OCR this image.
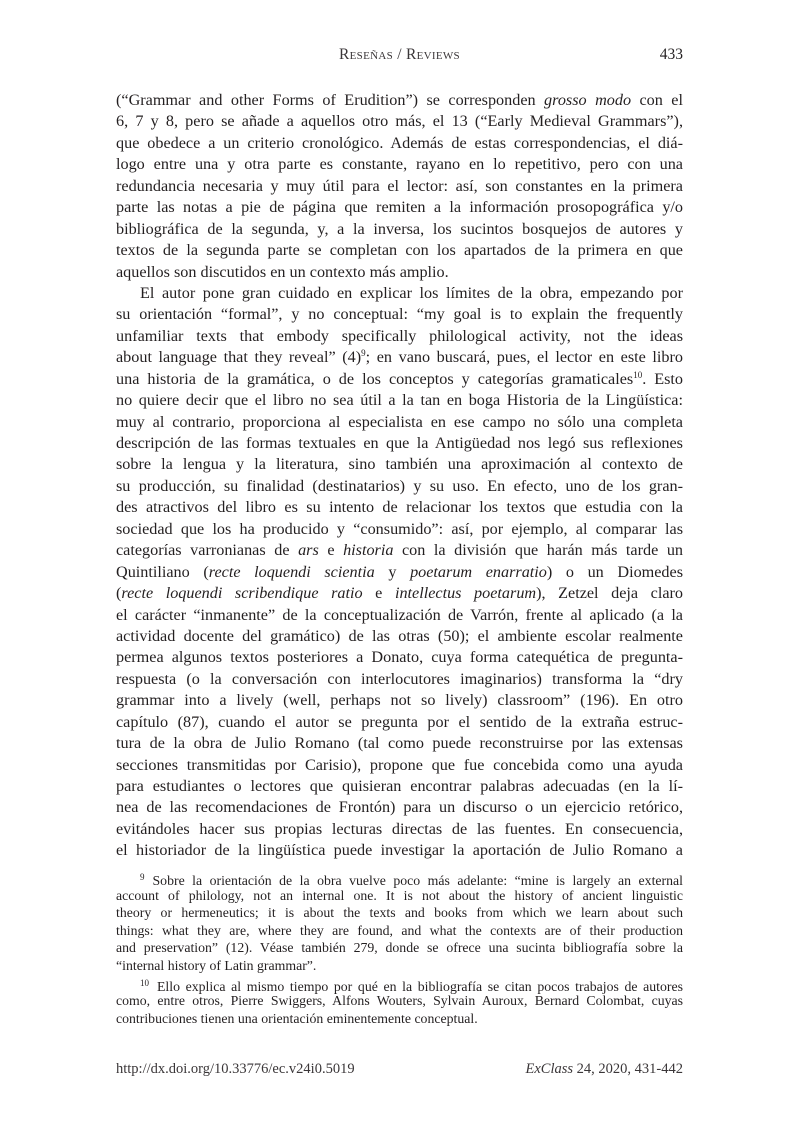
Reseñas / Reviews	433
(“Grammar and other Forms of Erudition”) se corresponden grosso modo con el
6, 7 y 8, pero se añade a aquellos otro más, el 13 (“Early Medieval Grammars”),
que obedece a un criterio cronológico. Además de estas correspondencias, el diá-
logo entre una y otra parte es constante, rayano en lo repetitivo, pero con una
redundancia necesaria y muy útil para el lector: así, son constantes en la primera
parte las notas a pie de página que remiten a la información prosopográfica y/o
bibliográfica de la segunda, y, a la inversa, los sucintos bosquejos de autores y
textos de la segunda parte se completan con los apartados de la primera en que
aquellos son discutidos en un contexto más amplio.
El autor pone gran cuidado en explicar los límites de la obra, empezando por
su orientación “formal”, y no conceptual: “my goal is to explain the frequently
unfamiliar texts that embody specifically philological activity, not the ideas
about language that they reveal” $(4)^9$; en vano buscará, pues, el lector en este libro
una historia de la gramática, o de los conceptos y categorías gramaticales$^{10}$. Esto
no quiere decir que el libro no sea útil a la tan en boga Historia de la Lingüística:
muy al contrario, proporciona al especialista en ese campo no sólo una completa
descripción de las formas textuales en que la Antigüedad nos legó sus reflexiones
sobre la lengua y la literatura, sino también una aproximación al contexto de
su producción, su finalidad (destinatarios) y su uso. En efecto, uno de los gran-
des atractivos del libro es su intento de relacionar los textos que estudia con la
sociedad que los ha producido y “consumido”: así, por ejemplo, al comparar las
categorías varronianas de ars e historia con la división que harán más tarde un
Quintiliano (recte loquendi scientia y poetarum enarratio) o un Diomedes
(recte loquendi scribendique ratio e intellectus poetarum), Zetzel deja claro
el carácter “inmanente” de la conceptualización de Varrón, frente al aplicado (a la
actividad docente del gramático) de las otras (50); el ambiente escolar realmente
permea algunos textos posteriores a Donato, cuya forma catequética de pregunta-
respuesta (o la conversación con interlocutores imaginarios) transforma la “dry
grammar into a lively (well, perhaps not so lively) classroom” (196). En otro
capítulo (87), cuando el autor se pregunta por el sentido de la extraña estruc-
tura de la obra de Julio Romano (tal como puede reconstruirse por las extensas
secciones transmitidas por Carisio), propone que fue concebida como una ayuda
para estudiantes o lectores que quisieran encontrar palabras adecuadas (en la lí-
nea de las recomendaciones de Frontón) para un discurso o un ejercicio retórico,
evitándoles hacer sus propias lecturas directas de las fuentes. En consecuencia,
el historiador de la lingüística puede investigar la aportación de Julio Romano a
$^9$ Sobre la orientación de la obra vuelve poco más adelante: “mine is largely an external
account of philology, not an internal one. It is not about the history of ancient linguistic
theory or hermeneutics; it is about the texts and books from which we learn about such
things: what they are, where they are found, and what the contexts are of their production
and preservation” (12). Véase también 279, donde se ofrece una sucinta bibliografía sobre la
“internal history of Latin grammar”.
$^{10}$ Ello explica al mismo tiempo por qué en la bibliografía se citan pocos trabajos de autores
como, entre otros, Pierre Swiggers, Alfons Wouters, Sylvain Auroux, Bernard Colombat, cuyas
contribuciones tienen una orientación eminentemente conceptual.
http://dx.doi.org/10.33776/ec.v24i0.5019	ExClass 24, 2020, 431-442
